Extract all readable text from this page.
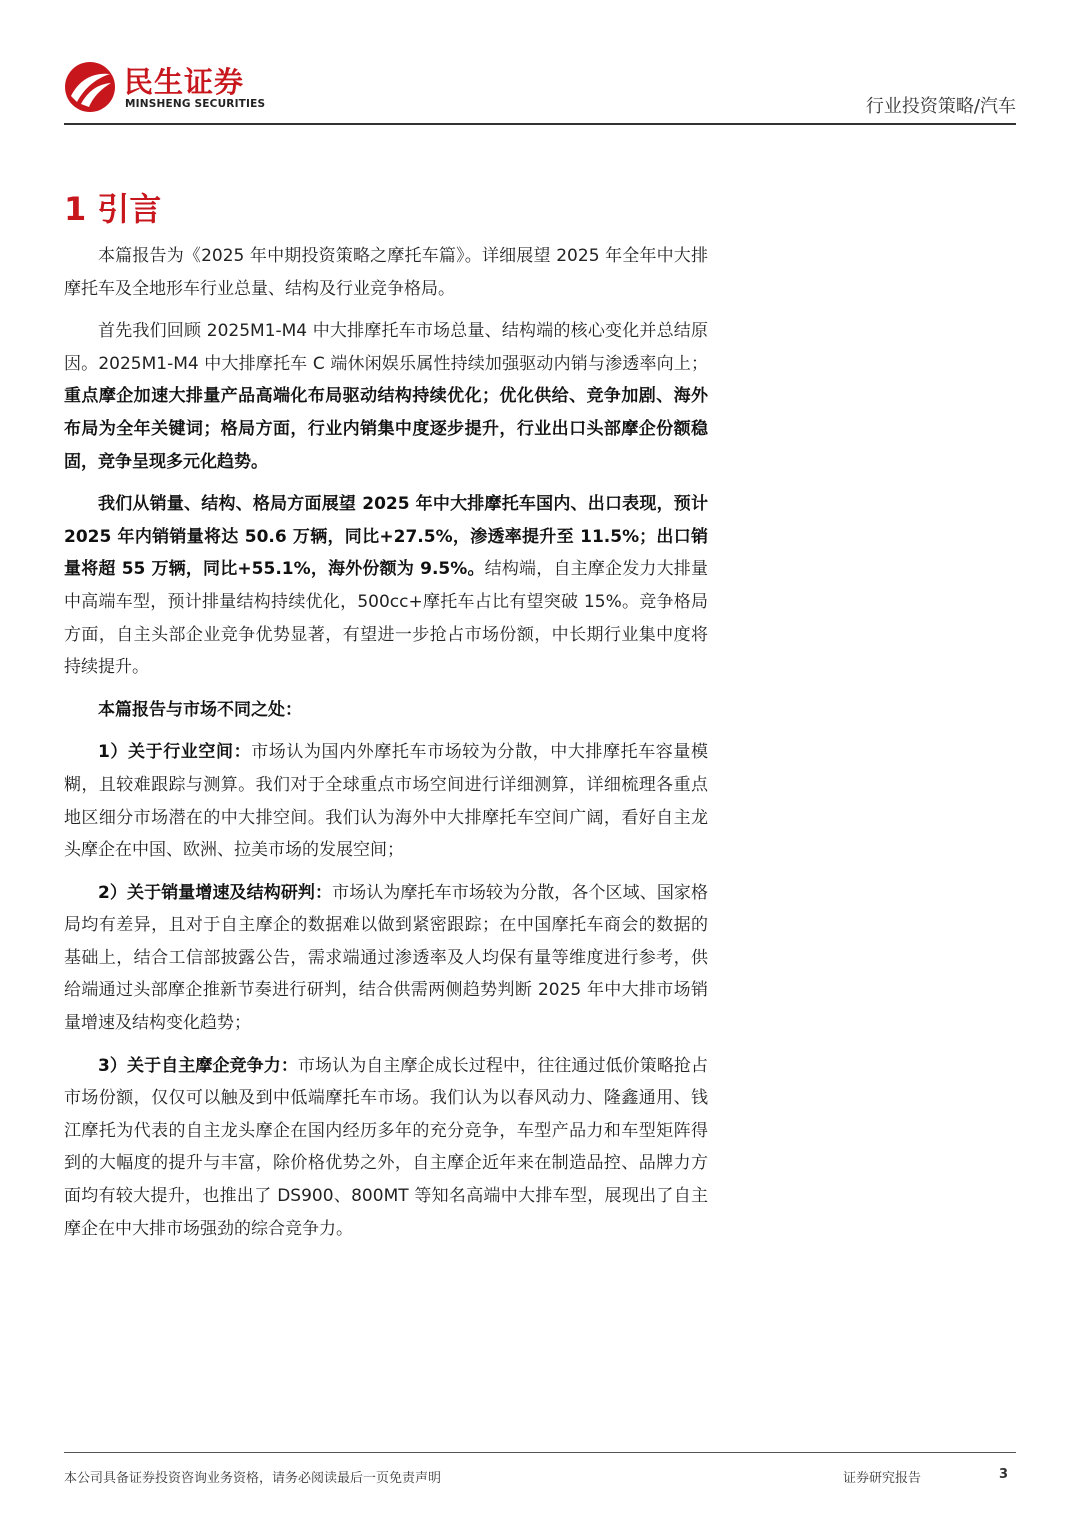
民生证券
MINSHENG SECURITIES	行业投资策略/汽车
1 引言

本篇报告为《2025 年中期投资策略之摩托车篇》。详细展望 2025 年全年中大排摩托车及全地形车行业总量、结构及行业竞争格局。

首先我们回顾 2025M1-M4 中大排摩托车市场总量、结构端的核心变化并总结原因。2025M1-M4 中大排摩托车 C 端休闲娱乐属性持续加强驱动内销与渗透率向上；重点摩企加速大排量产品高端化布局驱动结构持续优化；优化供给、竞争加剧、海外布局为全年关键词；格局方面，行业内销集中度逐步提升，行业出口头部摩企份额稳固，竞争呈现多元化趋势。

我们从销量、结构、格局方面展望 2025 年中大排摩托车国内、出口表现，预计 2025 年内销销量将达 50.6 万辆，同比+27.5%，渗透率提升至 11.5%；出口销量将超 55 万辆，同比+55.1%，海外份额为 9.5%。结构端，自主摩企发力大排量中高端车型，预计排量结构持续优化，500cc+摩托车占比有望突破 15%。竞争格局方面，自主头部企业竞争优势显著，有望进一步抢占市场份额，中长期行业集中度将持续提升。

本篇报告与市场不同之处：

1）关于行业空间：市场认为国内外摩托车市场较为分散，中大排摩托车容量模糊，且较难跟踪与测算。我们对于全球重点市场空间进行详细测算，详细梳理各重点地区细分市场潜在的中大排空间。我们认为海外中大排摩托车空间广阔，看好自主龙头摩企在中国、欧洲、拉美市场的发展空间；

2）关于销量增速及结构研判：市场认为摩托车市场较为分散，各个区域、国家格局均有差异，且对于自主摩企的数据难以做到紧密跟踪；在中国摩托车商会的数据的基础上，结合工信部披露公告，需求端通过渗透率及人均保有量等维度进行参考，供给端通过头部摩企推新节奏进行研判，结合供需两侧趋势判断 2025 年中大排市场销量增速及结构变化趋势；

3）关于自主摩企竞争力：市场认为自主摩企成长过程中，往往通过低价策略抢占市场份额，仅仅可以触及到中低端摩托车市场。我们认为以春风动力、隆鑫通用、钱江摩托为代表的自主龙头摩企在国内经历多年的充分竞争，车型产品力和车型矩阵得到的大幅度的提升与丰富，除价格优势之外，自主摩企近年来在制造品控、品牌力方面均有较大提升，也推出了 DS900、800MT 等知名高端中大排车型，展现出了自主摩企在中大排市场强劲的综合竞争力。

本公司具备证券投资咨询业务资格，请务必阅读最后一页免责声明	证券研究报告	3
